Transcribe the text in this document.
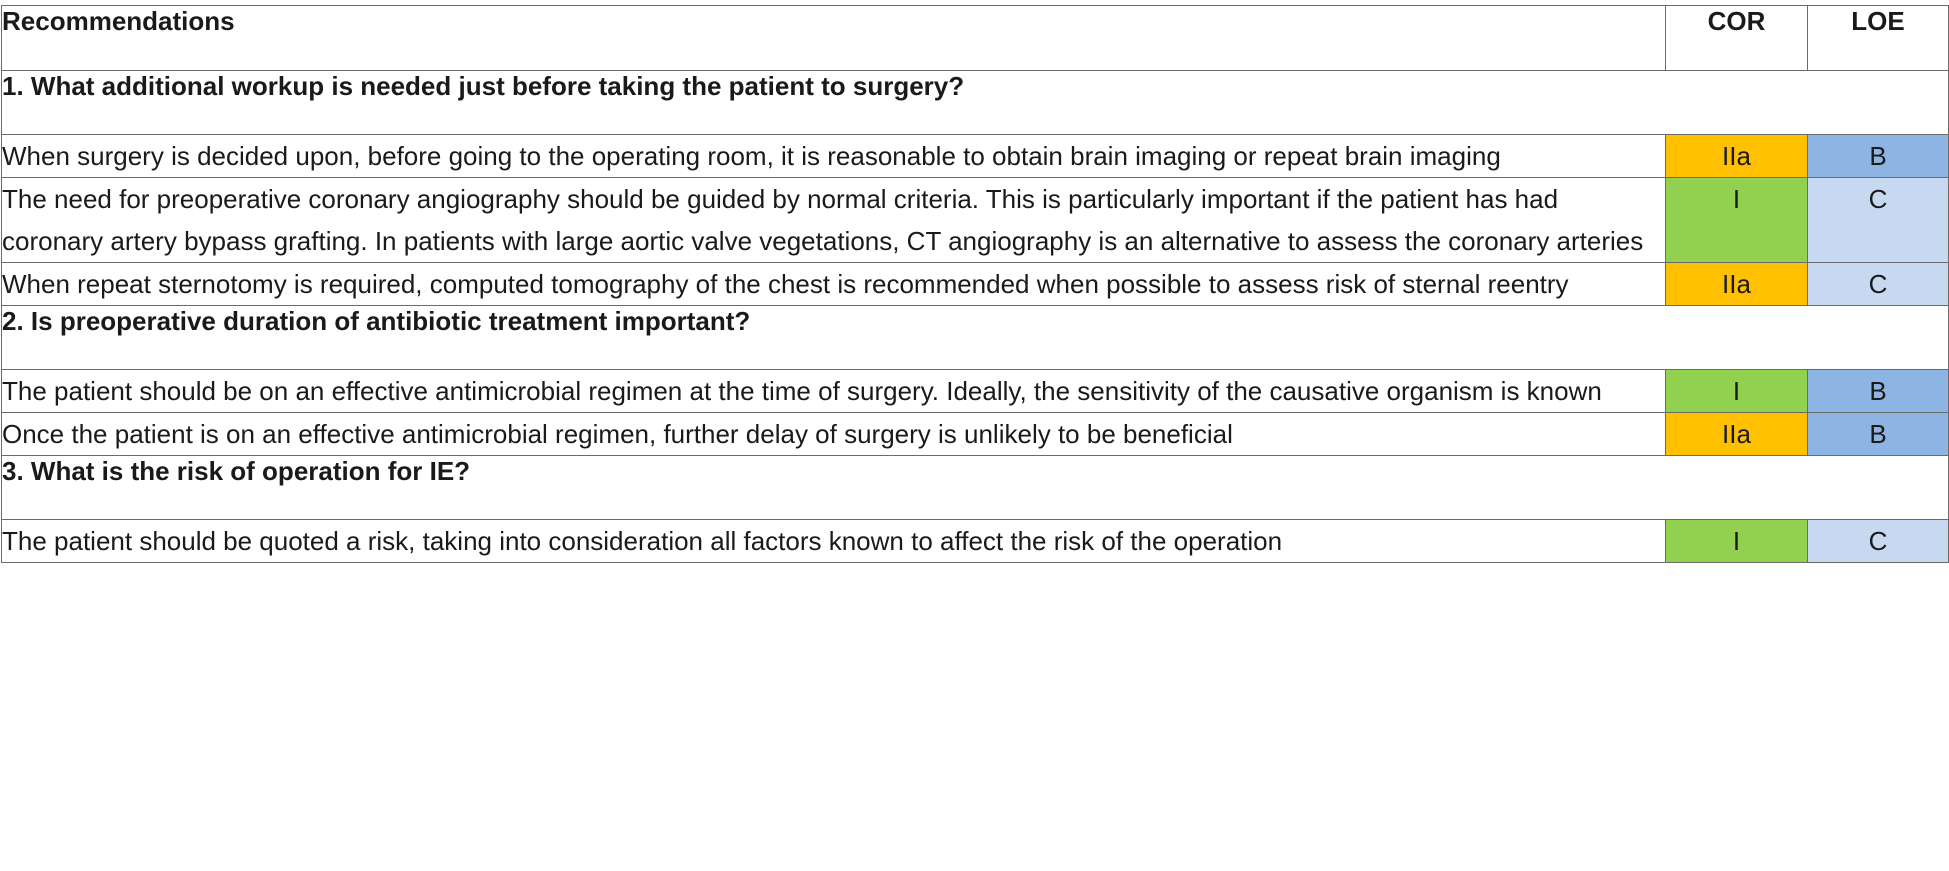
Recommendations	COR	LOE
1. What additional workup is needed just before taking the patient to surgery?		
When surgery is decided upon, before going to the operating room, it is reasonable to obtain brain imaging or repeat brain imaging	IIa	B
The need for preoperative coronary angiography should be guided by normal criteria. This is particularly important if the patient has had coronary artery bypass grafting. In patients with large aortic valve vegetations, CT angiography is an alternative to assess the coronary arteries	I	C
When repeat sternotomy is required, computed tomography of the chest is recommended when possible to assess risk of sternal reentry	IIa	C
2. Is preoperative duration of antibiotic treatment important?		
The patient should be on an effective antimicrobial regimen at the time of surgery. Ideally, the sensitivity of the causative organism is known	I	B
Once the patient is on an effective antimicrobial regimen, further delay of surgery is unlikely to be beneficial	IIa	B
3. What is the risk of operation for IE?		
The patient should be quoted a risk, taking into consideration all factors known to affect the risk of the operation	I	C
